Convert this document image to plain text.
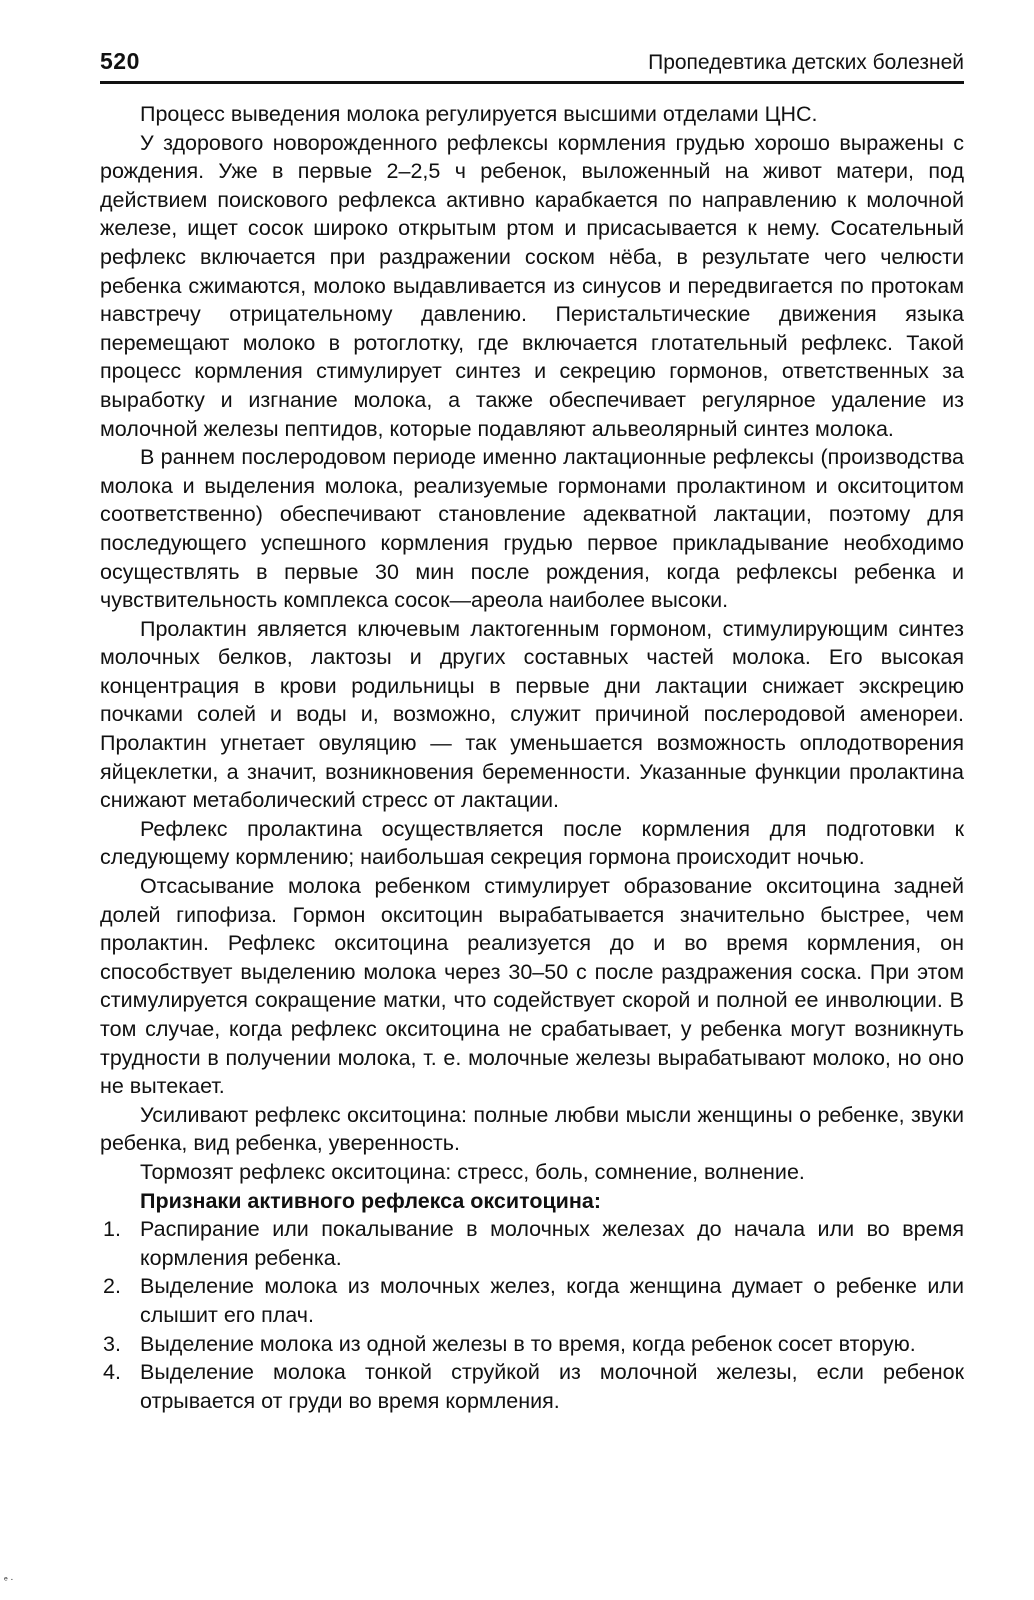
520	Пропедевтика детских болезней

Процесс выведения молока регулируется высшими отделами ЦНС.

У здорового новорожденного рефлексы кормления грудью хорошо выражены с рождения. Уже в первые 2–2,5 ч ребенок, выложенный на живот матери, под действием поискового рефлекса активно карабкается по направлению к молочной железе, ищет сосок широко открытым ртом и присасывается к нему. Сосательный рефлекс включается при раздражении соском нёба, в результате чего челюсти ребенка сжимаются, молоко выдавливается из синусов и передвигается по протокам навстречу отрицательному давлению. Перистальтические движения языка перемещают молоко в ротоглотку, где включается глотательный рефлекс. Такой процесс кормления стимулирует синтез и секрецию гормонов, ответственных за выработку и изгнание молока, а также обеспечивает регулярное удаление из молочной железы пептидов, которые подавляют альвеолярный синтез молока.

В раннем послеродовом периоде именно лактационные рефлексы (производства молока и выделения молока, реализуемые гормонами пролактином и окситоцитом соответственно) обеспечивают становление адекватной лактации, поэтому для последующего успешного кормления грудью первое прикладывание необходимо осуществлять в первые 30 мин после рождения, когда рефлексы ребенка и чувствительность комплекса сосок—ареола наиболее высоки.

Пролактин является ключевым лактогенным гормоном, стимулирующим синтез молочных белков, лактозы и других составных частей молока. Его высокая концентрация в крови родильницы в первые дни лактации снижает экскрецию почками солей и воды и, возможно, служит причиной послеродовой аменореи. Пролактин угнетает овуляцию — так уменьшается возможность оплодотворения яйцеклетки, а значит, возникновения беременности. Указанные функции пролактина снижают метаболический стресс от лактации.

Рефлекс пролактина осуществляется после кормления для подготовки к следующему кормлению; наибольшая секреция гормона происходит ночью.

Отсасывание молока ребенком стимулирует образование окситоцина задней долей гипофиза. Гормон окситоцин вырабатывается значительно быстрее, чем пролактин. Рефлекс окситоцина реализуется до и во время кормления, он способствует выделению молока через 30–50 с после раздражения соска. При этом стимулируется сокращение матки, что содействует скорой и полной ее инволюции. В том случае, когда рефлекс окситоцина не срабатывает, у ребенка могут возникнуть трудности в получении молока, т. е. молочные железы вырабатывают молоко, но оно не вытекает.

Усиливают рефлекс окситоцина: полные любви мысли женщины о ребенке, звуки ребенка, вид ребенка, уверенность.

Тормозят рефлекс окситоцина: стресс, боль, сомнение, волнение.

Признаки активного рефлекса окситоцина:

1. Распирание или покалывание в молочных железах до начала или во время кормления ребенка.
2. Выделение молока из молочных желез, когда женщина думает о ребенке или слышит его плач.
3. Выделение молока из одной железы в то время, когда ребенок сосет вторую.
4. Выделение молока тонкой струйкой из молочной железы, если ребенок отрывается от груди во время кормления.
ₑ .
